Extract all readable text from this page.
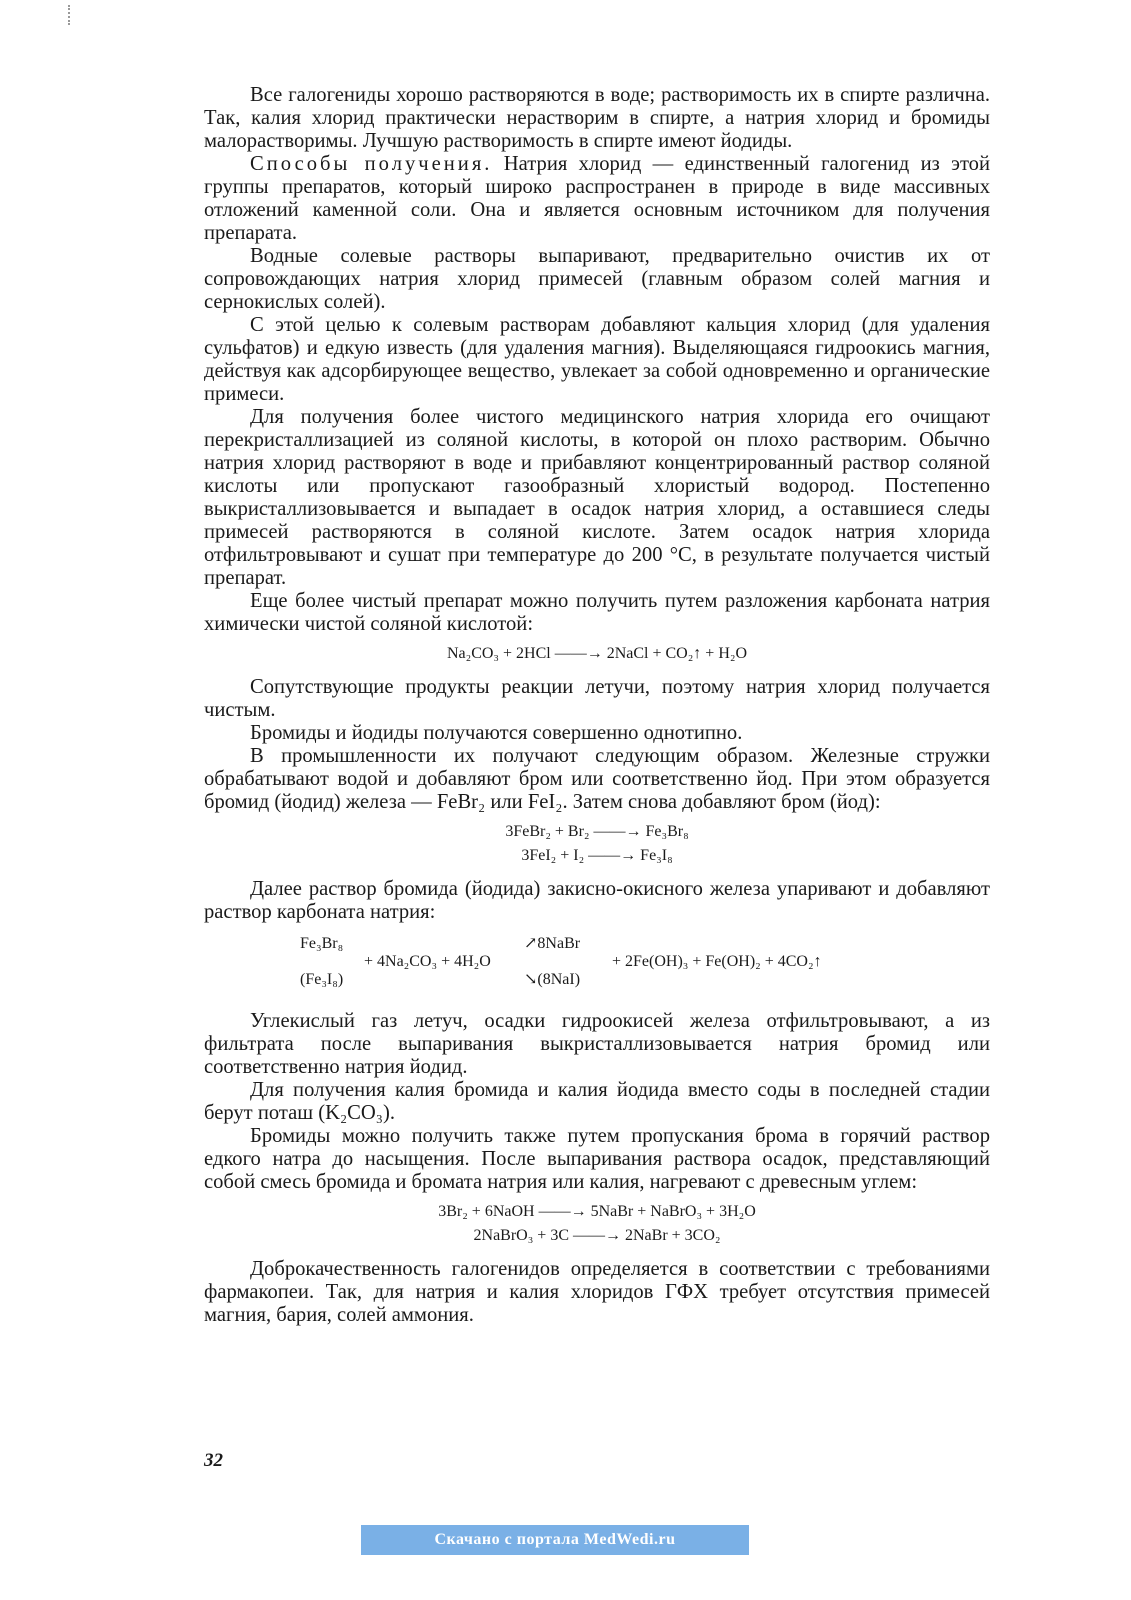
Все галогениды хорошо растворяются в воде; растворимость их в спирте различна. Так, калия хлорид практически нерастворим в спирте, а натрия хлорид и бромиды малорастворимы. Лучшую растворимость в спирте имеют йодиды.

Способы получения. Натрия хлорид — единственный галогенид из этой группы препаратов, который широко распространен в природе в виде массивных отложений каменной соли. Она и является основным источником для получения препарата.

Водные солевые растворы выпаривают, предварительно очистив их от сопровождающих натрия хлорид примесей (главным образом солей магния и сернокислых солей).

С этой целью к солевым растворам добавляют кальция хлорид (для удаления сульфатов) и едкую известь (для удаления магния). Выделяющаяся гидроокись магния, действуя как адсорбирующее вещество, увлекает за собой одновременно и органические примеси.

Для получения более чистого медицинского натрия хлорида его очищают перекристаллизацией из соляной кислоты, в которой он плохо растворим. Обычно натрия хлорид растворяют в воде и прибавляют концентрированный раствор соляной кислоты или пропускают газообразный хлористый водород. Постепенно выкристаллизовывается и выпадает в осадок натрия хлорид, а оставшиеся следы примесей растворяются в соляной кислоте. Затем осадок натрия хлорида отфильтровывают и сушат при температуре до 200 °С, в результате получается чистый препарат.

Еще более чистый препарат можно получить путем разложения карбоната натрия химически чистой соляной кислотой:

Na₂CO₃ + 2HCl ——→ 2NaCl + CO₂↑ + H₂O

Сопутствующие продукты реакции летучи, поэтому натрия хлорид получается чистым.

Бромиды и йодиды получаются совершенно однотипно.

В промышленности их получают следующим образом. Железные стружки обрабатывают водой и добавляют бром или соответственно йод. При этом образуется бромид (йодид) железа — FeBr₂ или FeI₂. Затем снова добавляют бром (йод):

3FeBr₂ + Br₂ ——→ Fe₃Br₈
3FeI₂ + I₂ ——→ Fe₃I₈

Далее раствор бромида (йодида) закисно-окисного железа упаривают и добавляют раствор карбоната натрия:

Fe₃Br₈
(Fe₃I₈)
+ 4Na₂CO₃ + 4H₂O
↗8NaBr
↘(8NaI)
+ 2Fe(OH)₃ + Fe(OH)₂ + 4CO₂↑

Углекислый газ летуч, осадки гидроокисей железа отфильтровывают, а из фильтрата после выпаривания выкристаллизовывается натрия бромид или соответственно натрия йодид.

Для получения калия бромида и калия йодида вместо соды в последней стадии берут поташ (K₂CO₃).

Бромиды можно получить также путем пропускания брома в горячий раствор едкого натра до насыщения. После выпаривания раствора осадок, представляющий собой смесь бромида и бромата натрия или калия, нагревают с древесным углем:

3Br₂ + 6NaOH ——→ 5NaBr + NaBrO₃ + 3H₂O
2NaBrO₃ + 3C ——→ 2NaBr + 3CO₂

Доброкачественность галогенидов определяется в соответствии с требованиями фармакопеи. Так, для натрия и калия хлоридов ГФХ требует отсутствия примесей магния, бария, солей аммония.

32
Скачано с портала MedWedi.ru
